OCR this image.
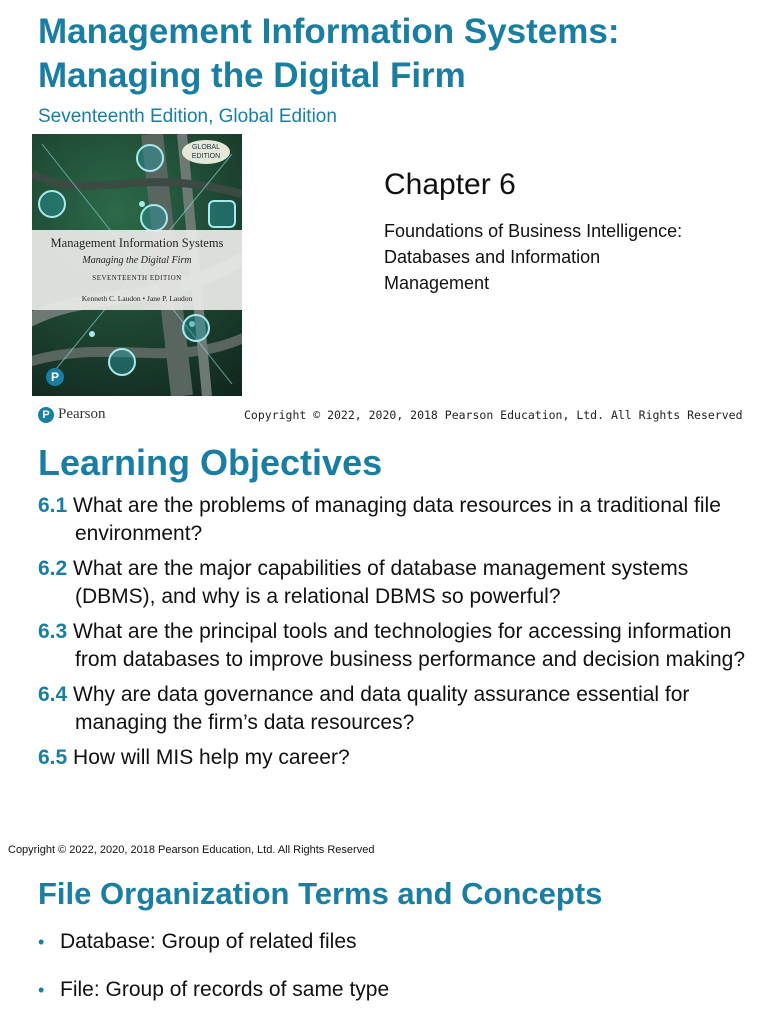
Management Information Systems: Managing the Digital Firm
Seventeenth Edition, Global Edition
GLOBAL EDITION
Management Information Systems
Managing the Digital Firm
SEVENTEENTH EDITION
Kenneth C. Laudon • Jane P. Laudon
P
Chapter 6
Foundations of Business Intelligence: Databases and Information Management
P Pearson	Copyright © 2022, 2020, 2018 Pearson Education, Ltd. All Rights Reserved
Learning Objectives
6.1 What are the problems of managing data resources in a traditional file environment?
6.2 What are the major capabilities of database management systems (DBMS), and why is a relational DBMS so powerful?
6.3 What are the principal tools and technologies for accessing information from databases to improve business performance and decision making?
6.4 Why are data governance and data quality assurance essential for managing the firm’s data resources?
6.5 How will MIS help my career?
Copyright © 2022, 2020, 2018 Pearson Education, Ltd. All Rights Reserved
File Organization Terms and Concepts
• Database: Group of related files
• File: Group of records of same type
